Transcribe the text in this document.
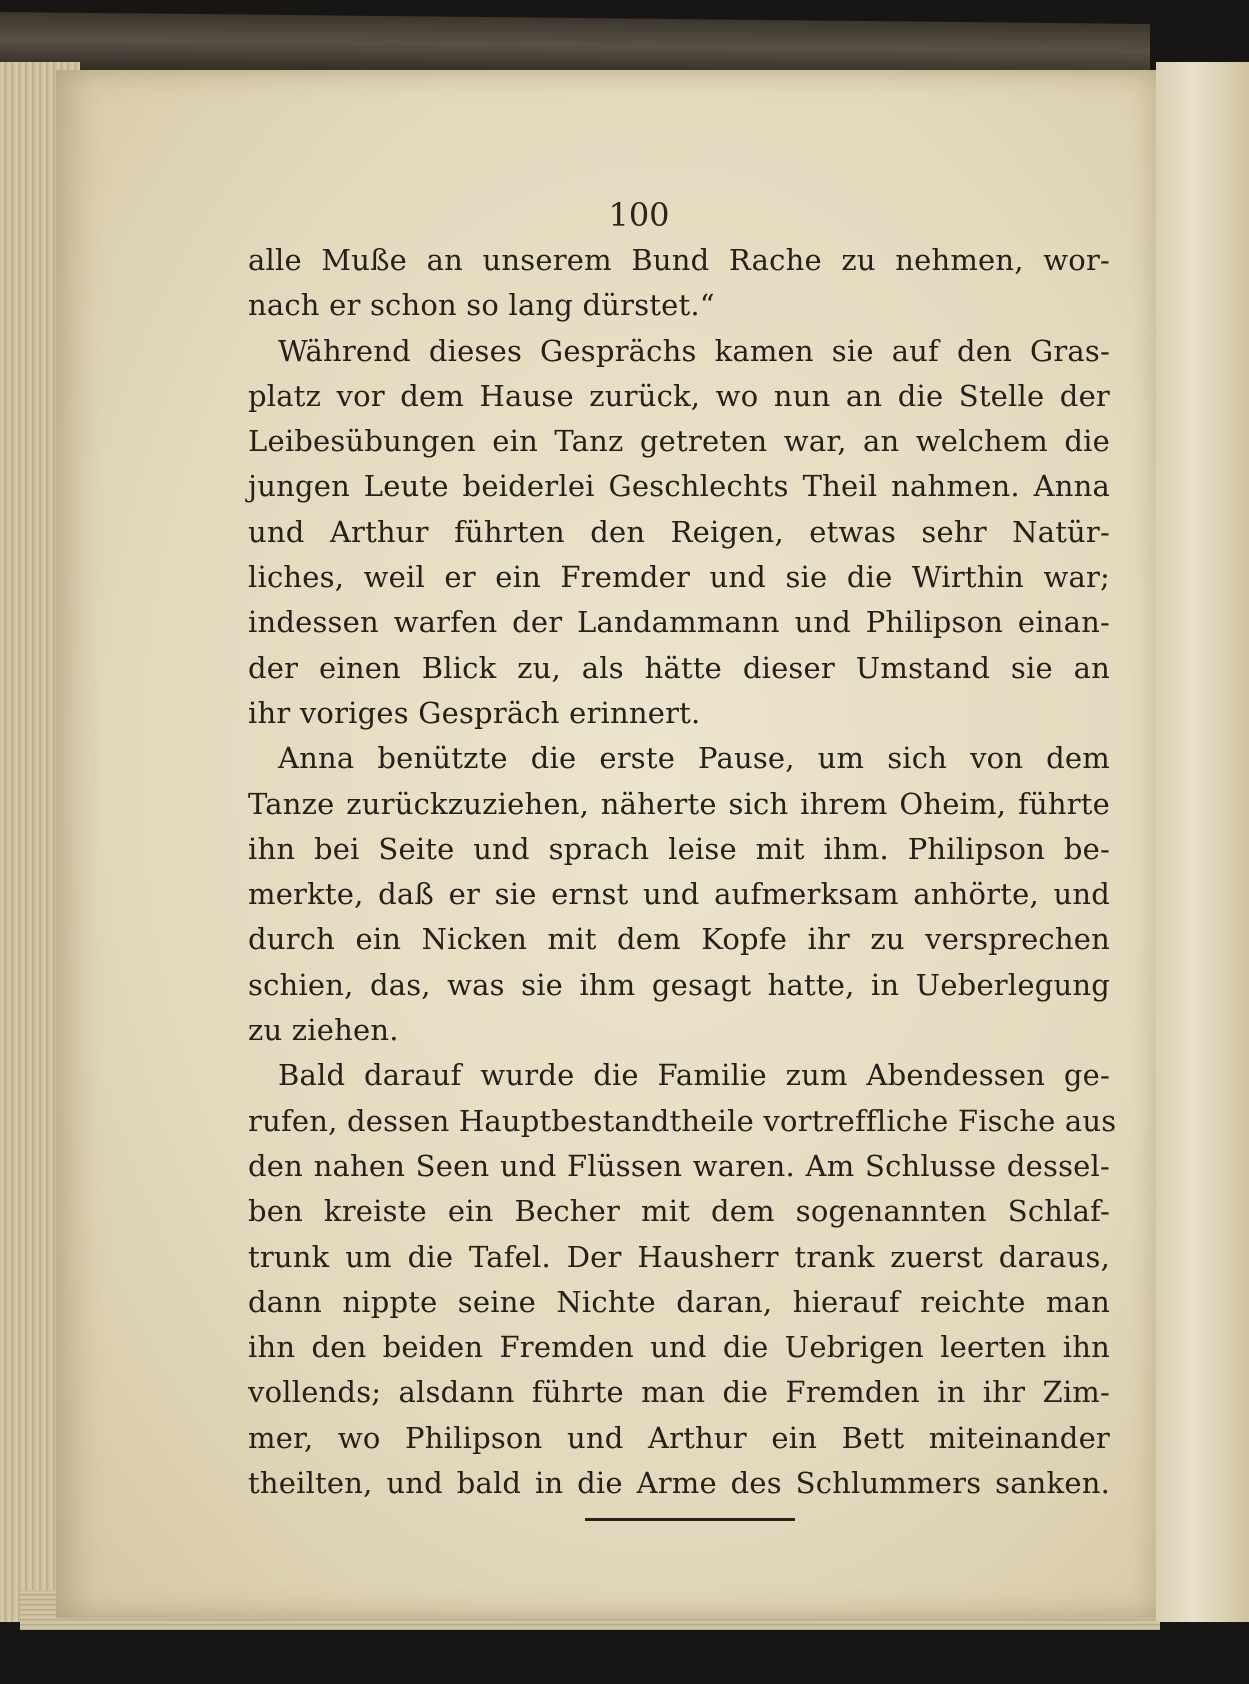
100

alle Muße an unserem Bund Rache zu nehmen, wor-
nach er schon so lang dürstet.“
Während dieses Gesprächs kamen sie auf den Gras-
platz vor dem Hause zurück, wo nun an die Stelle der
Leibesübungen ein Tanz getreten war, an welchem die
jungen Leute beiderlei Geschlechts Theil nahmen. Anna
und Arthur führten den Reigen, etwas sehr Natür-
liches, weil er ein Fremder und sie die Wirthin war;
indessen warfen der Landammann und Philipson einan-
der einen Blick zu, als hätte dieser Umstand sie an
ihr voriges Gespräch erinnert.
Anna benützte die erste Pause, um sich von dem
Tanze zurückzuziehen, näherte sich ihrem Oheim, führte
ihn bei Seite und sprach leise mit ihm. Philipson be-
merkte, daß er sie ernst und aufmerksam anhörte, und
durch ein Nicken mit dem Kopfe ihr zu versprechen
schien, das, was sie ihm gesagt hatte, in Ueberlegung
zu ziehen.
Bald darauf wurde die Familie zum Abendessen ge-
rufen, dessen Hauptbestandtheile vortreffliche Fische aus
den nahen Seen und Flüssen waren. Am Schlusse dessel-
ben kreiste ein Becher mit dem sogenannten Schlaf-
trunk um die Tafel. Der Hausherr trank zuerst daraus,
dann nippte seine Nichte daran, hierauf reichte man
ihn den beiden Fremden und die Uebrigen leerten ihn
vollends; alsdann führte man die Fremden in ihr Zim-
mer, wo Philipson und Arthur ein Bett miteinander
theilten, und bald in die Arme des Schlummers sanken.
